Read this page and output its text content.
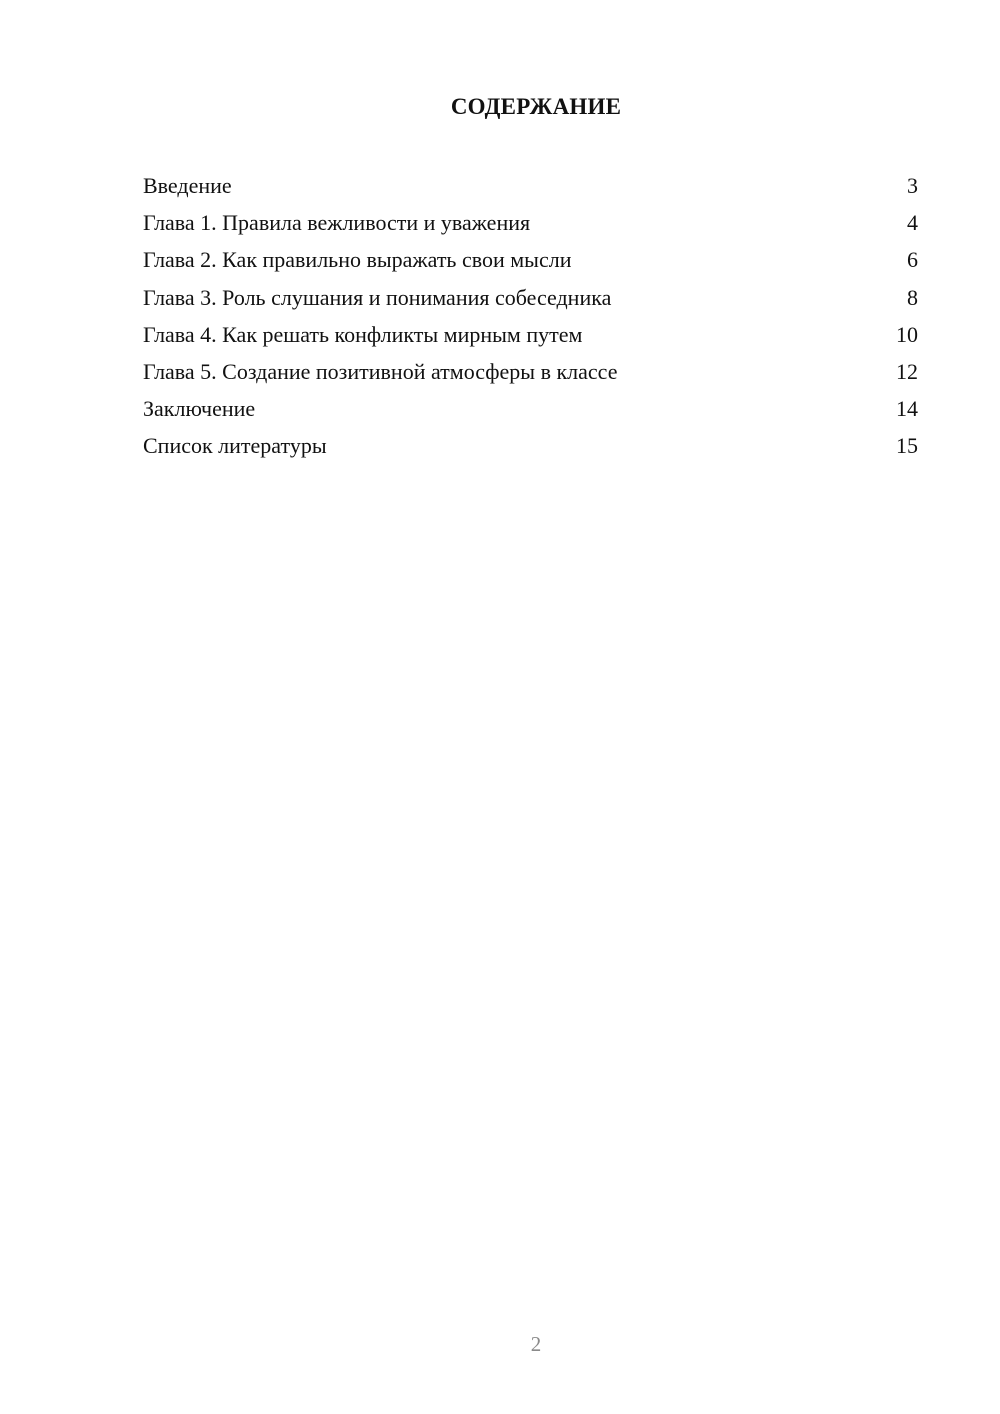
СОДЕРЖАНИЕ
Введение	3
Глава 1. Правила вежливости и уважения	4
Глава 2. Как правильно выражать свои мысли	6
Глава 3. Роль слушания и понимания собеседника	8
Глава 4. Как решать конфликты мирным путем	10
Глава 5. Создание позитивной атмосферы в классе	12
Заключение	14
Список литературы	15
2
